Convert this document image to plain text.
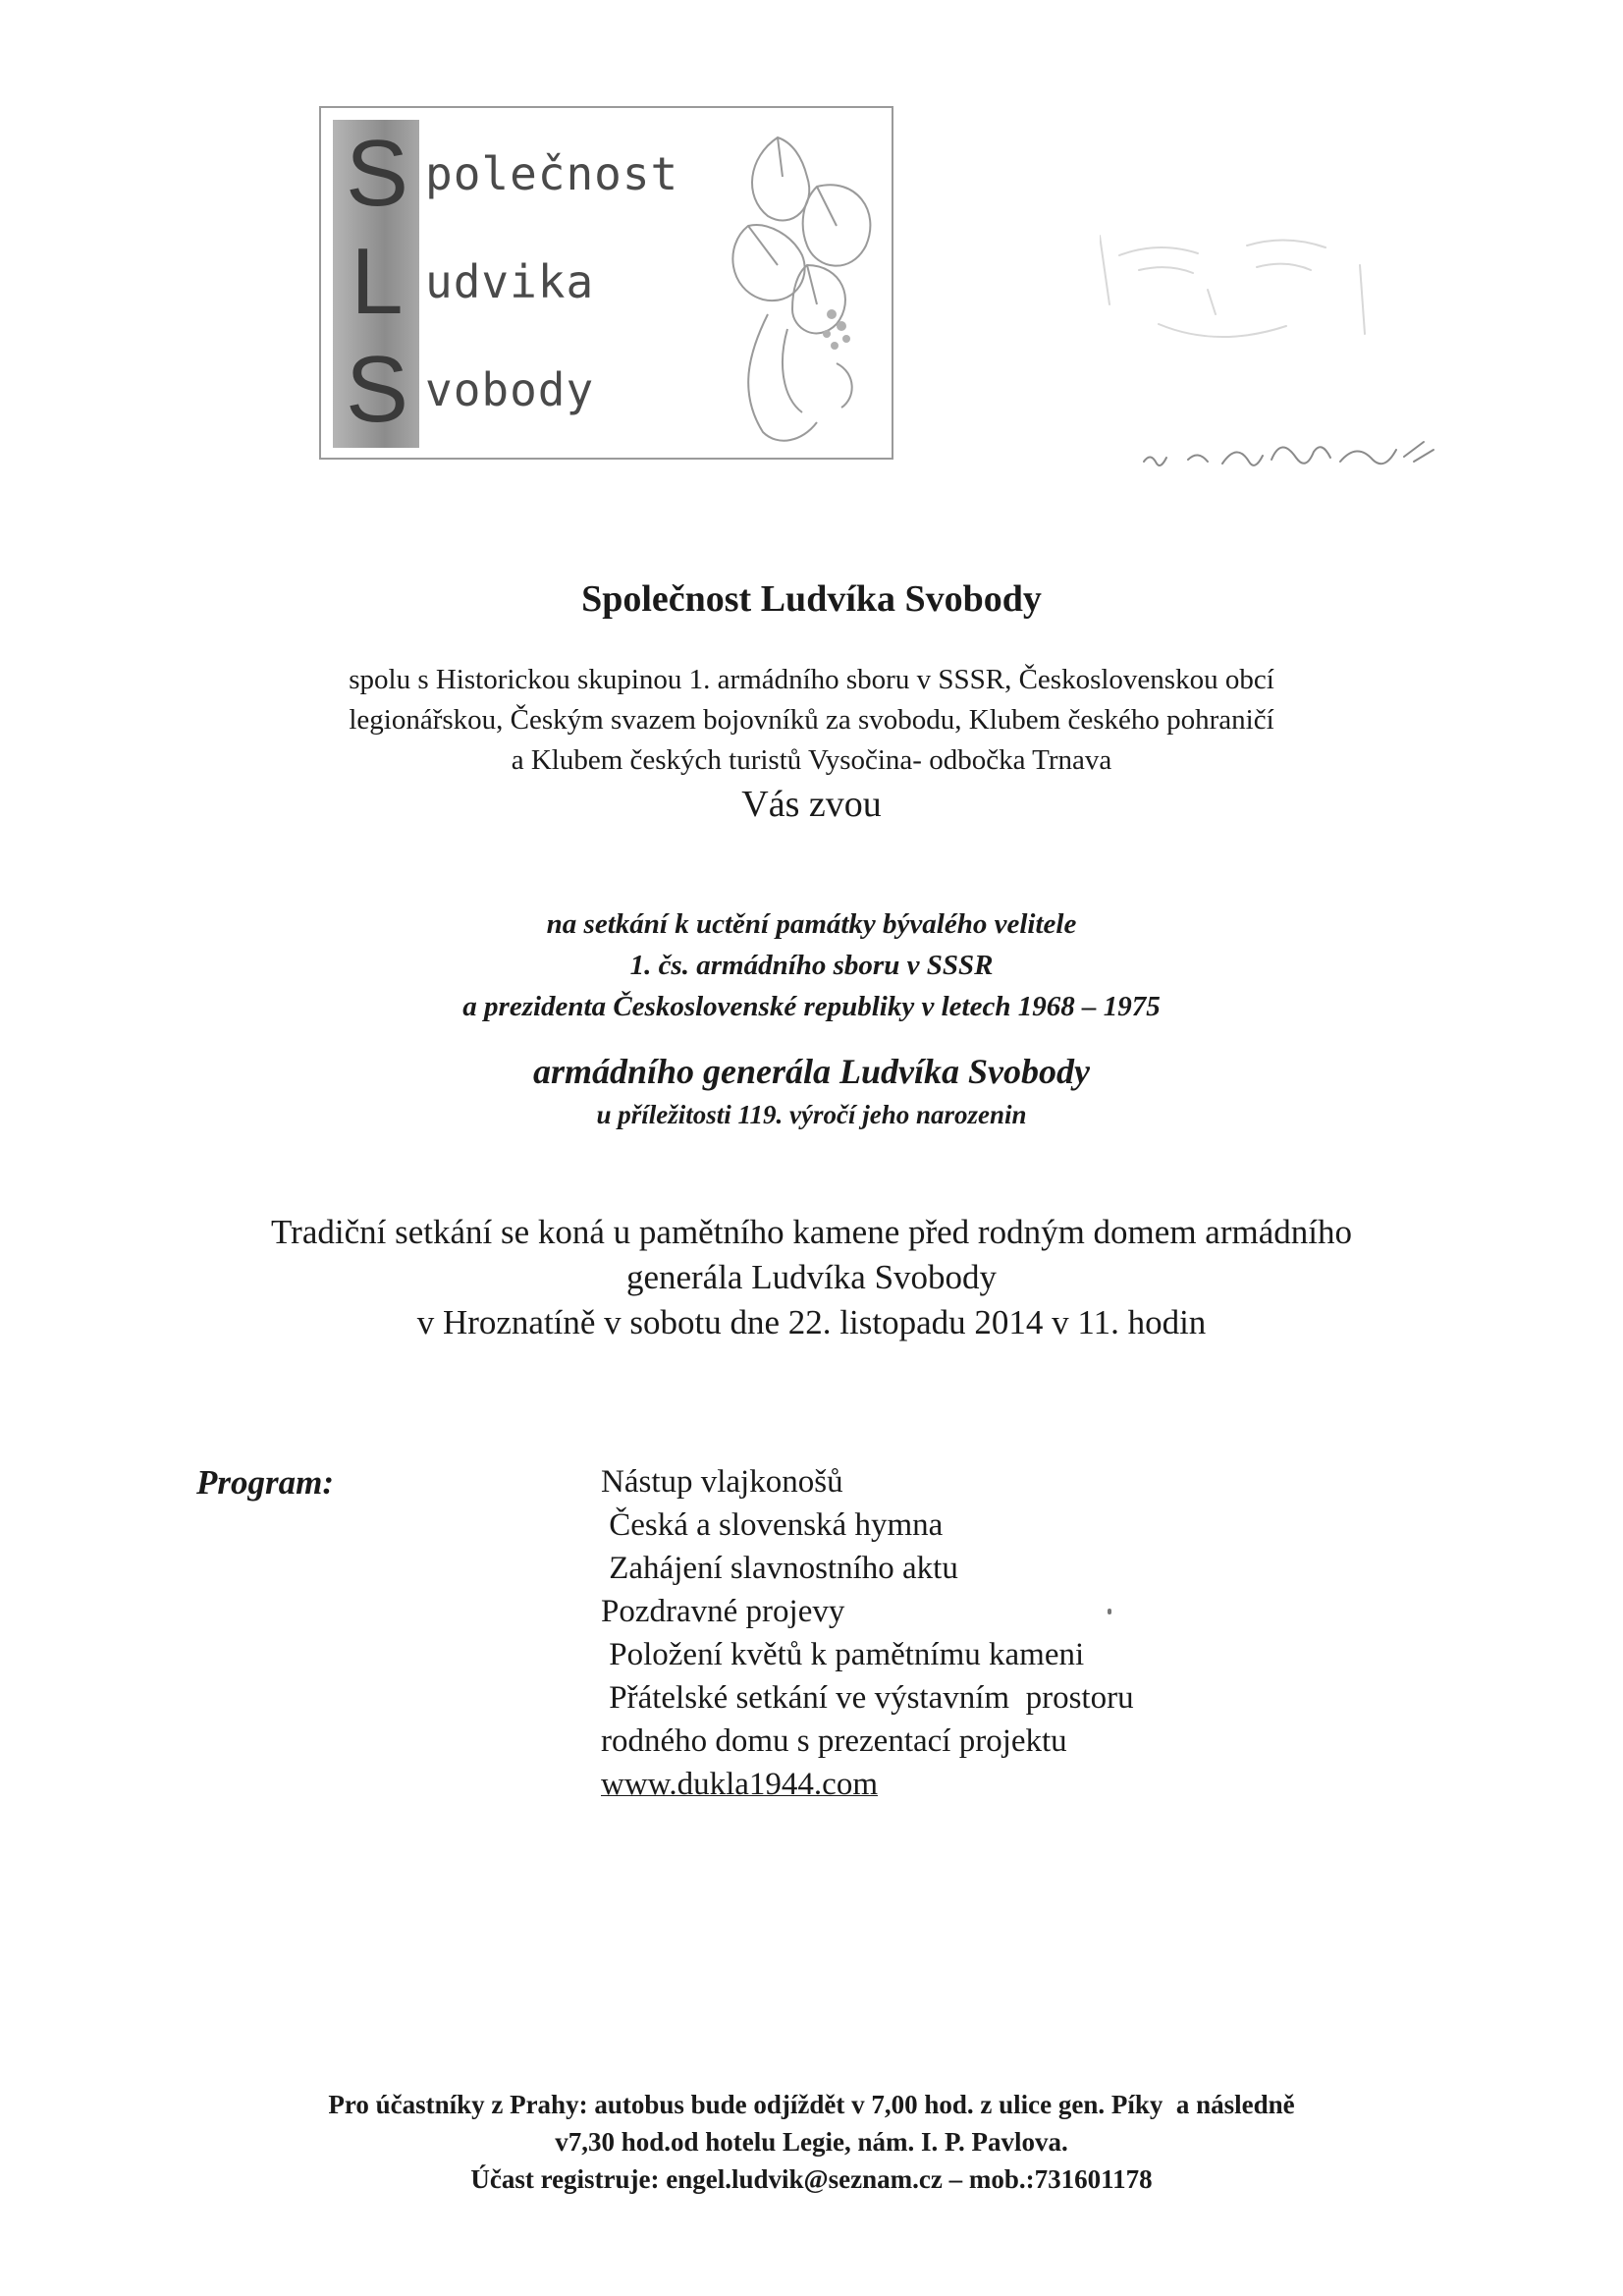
S polečnost
L udvika
S vobody
Společnost Ludvíka Svobody
spolu s Historickou skupinou 1. armádního sboru v SSSR, Československou obcí
legionářskou, Českým svazem bojovníků za svobodu, Klubem českého pohraničí
a Klubem českých turistů Vysočina- odbočka Trnava
Vás zvou
na setkání k uctění památky bývalého velitele
1. čs. armádního sboru v SSSR
a prezidenta Československé republiky v letech 1968 – 1975
armádního generála Ludvíka Svobody
u příležitosti 119. výročí jeho narozenin
Tradiční setkání se koná u pamětního kamene před rodným domem armádního
generála Ludvíka Svobody
v Hroznatíně v sobotu dne 22. listopadu 2014 v 11. hodin
Program:	Nástup vlajkonošů
Česká a slovenská hymna
Zahájení slavnostního aktu
Pozdravné projevy
Položení květů k pamětnímu kameni
Přátelské setkání ve výstavním  prostoru
rodného domu s prezentací projektu
www.dukla1944.com
Pro účastníky z Prahy: autobus bude odjíždět v 7,00 hod. z ulice gen. Píky  a následně
v7,30 hod.od hotelu Legie, nám. I. P. Pavlova.
Účast registruje: engel.ludvik@seznam.cz – mob.:731601178
